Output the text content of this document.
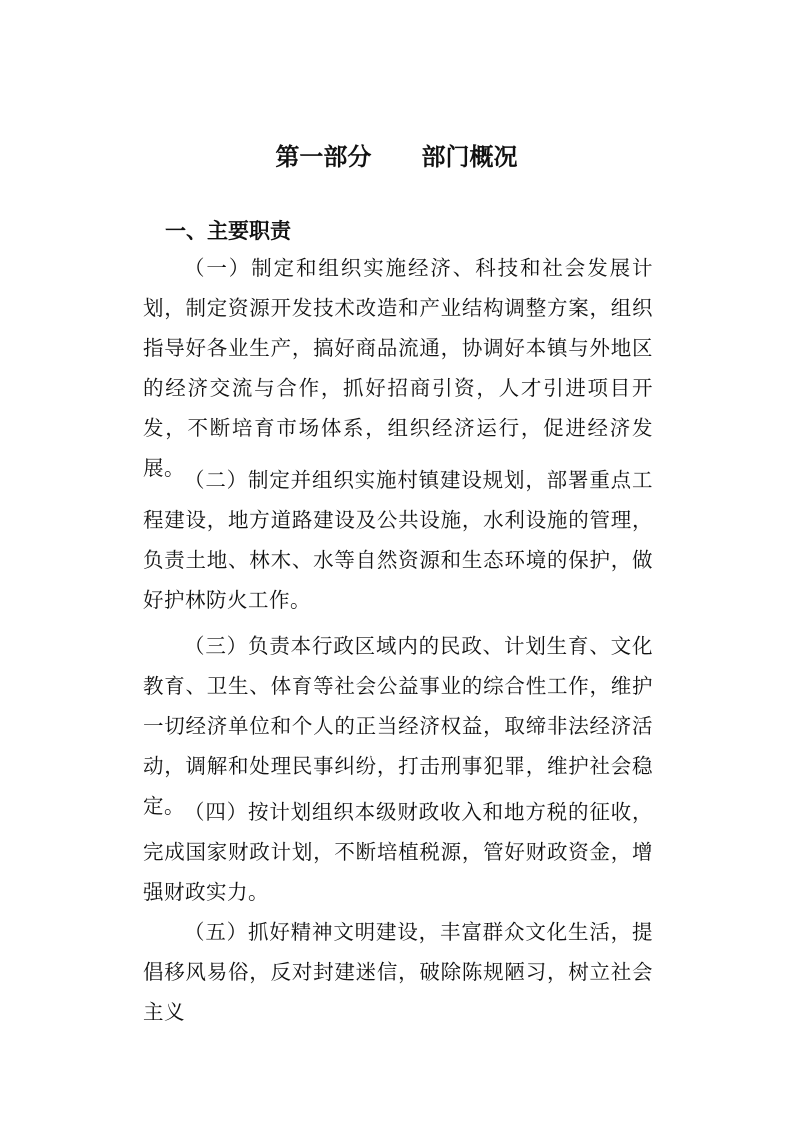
第一部分      部门概况
一、主要职责

（一）制定和组织实施经济、科技和社会发展计划，制定资源开发技术改造和产业结构调整方案，组织指导好各业生产，搞好商品流通，协调好本镇与外地区的经济交流与合作，抓好招商引资，人才引进项目开发，不断培育市场体系，组织经济运行，促进经济发展。 （二）制定并组织实施村镇建设规划，部署重点工程建设，地方道路建设及公共设施，水利设施的管理，负责土地、林木、水等自然资源和生态环境的保护，做好护林防火工作。

（三）负责本行政区域内的民政、计划生育、文化教育、卫生、体育等社会公益事业的综合性工作，维护一切经济单位和个人的正当经济权益，取缔非法经济活动，调解和处理民事纠纷，打击刑事犯罪，维护社会稳定。 （四）按计划组织本级财政收入和地方税的征收，完成国家财政计划，不断培植税源，管好财政资金，增强财政实力。

（五）抓好精神文明建设，丰富群众文化生活，提倡移风易俗，反对封建迷信，破除陈规陋习，树立社会主义
